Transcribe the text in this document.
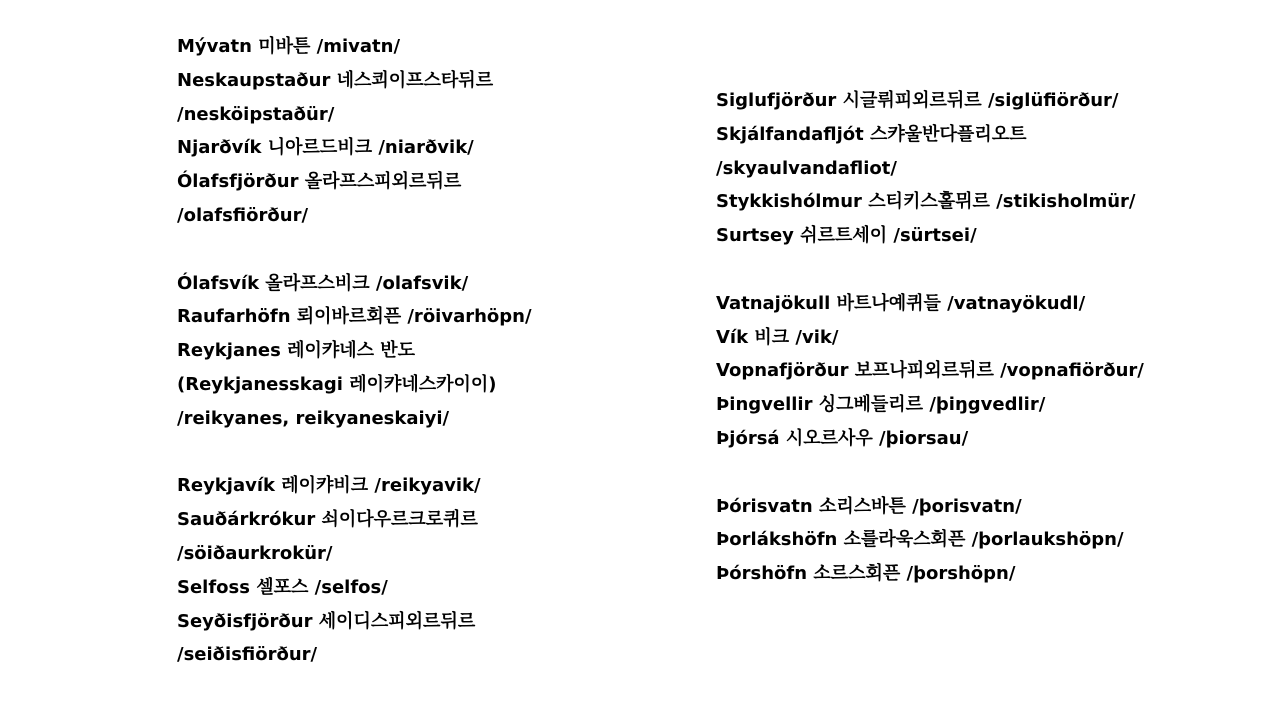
Mývatn 미바튼 /mivatn/
Neskaupstaður 네스쾨이프스타뒤르
/nesköipstaðür/
Njarðvík 니아르드비크 /niarðvik/
Ólafsfjörður 올라프스피외르뒤르
/olafsfiörður/
Ólafsvík 올라프스비크 /olafsvik/
Raufarhöfn 뢰이바르회픈 /röivarhöpn/
Reykjanes 레이캬네스 반도
(Reykjanesskagi 레이캬네스카이이)
/reikyanes, reikyaneskaiyi/
Reykjavík 레이캬비크 /reikyavik/
Sauðárkrókur 쇠이다우르크로퀴르
/söiðaurkrokür/
Selfoss 셀포스 /selfos/
Seyðisfjörður 세이디스피외르뒤르
/seiðisfiörður/
Siglufjörður 시글뤼피외르뒤르 /siglüfiörður/
Skjálfandafljót 스캬울반다플리오트
/skyaulvandafliot/
Stykkishólmur 스티키스홀뮈르 /stikisholmür/
Surtsey 쉬르트세이 /sürtsei/
Vatnajökull 바트나예퀴들 /vatnayökudl/
Vík 비크 /vik/
Vopnafjörður 보프나피외르뒤르 /vopnafiörður/
Þingvellir 싱그베들리르 /þiŋgvedlir/
Þjórsá 시오르사우 /þiorsau/
Þórisvatn 소리스바튼 /þorisvatn/
Þorlákshöfn 소를라욱스회픈 /þorlaukshöpn/
Þórshöfn 소르스회픈 /þorshöpn/
